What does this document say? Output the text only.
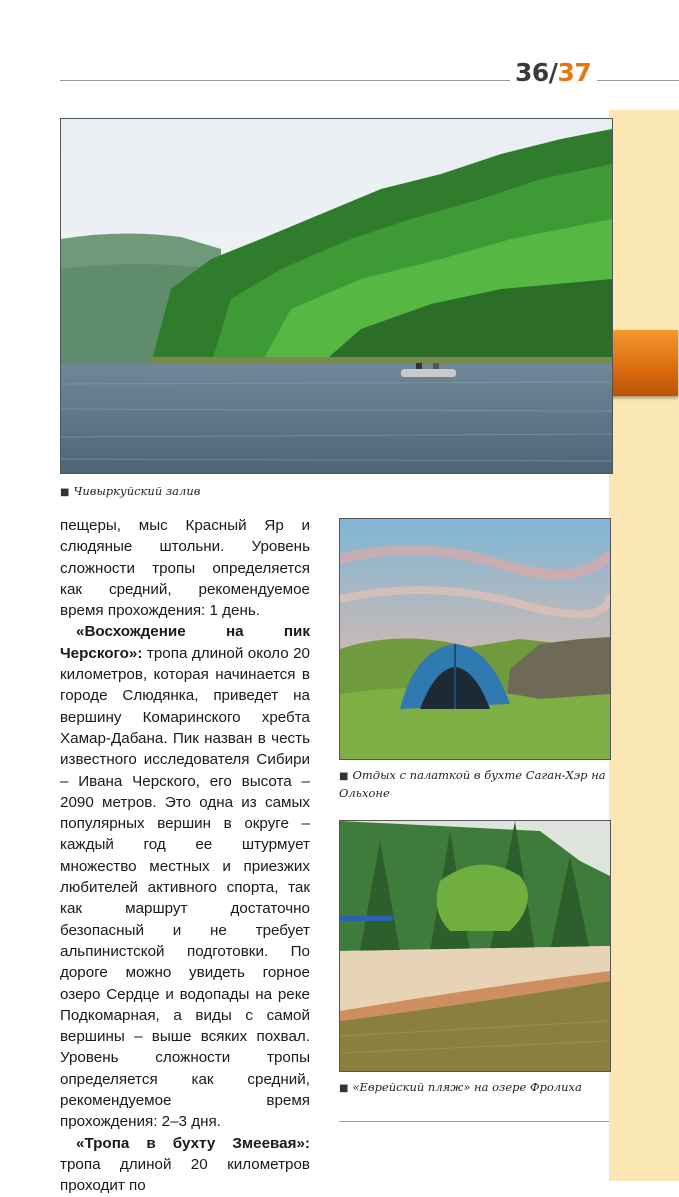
36/37
■ Чивыркуйский залив
■ Отдых с палаткой в бухте Саган-Хэр на Ольхоне
■ «Еврейский пляж» на озере Фролиха

пещеры, мыс Красный Яр и слюдяные штольни. Уровень сложности тропы определяется как средний, рекомендуемое время прохождения: 1 день.

«Восхождение на пик Черского»: тропа длиной около 20 километров, которая начинается в городе Слюдянка, приведет на вершину Комаринского хребта Хамар-Дабана. Пик назван в честь известного исследователя Сибири – Ивана Черского, его высота – 2090 метров. Это одна из самых популярных вершин в округе – каждый год ее штурмует множество местных и приезжих любителей активного спорта, так как маршрут достаточно безопасный и не требует альпинистской подготовки. По дороге можно увидеть горное озеро Сердце и водопады на реке Подкомарная, а виды с самой вершины – выше всяких похвал. Уровень сложности тропы определяется как средний, рекомендуемое время прохождения: 2–3 дня.

«Тропа в бухту Змеевая»: тропа длиной 20 километров проходит по
